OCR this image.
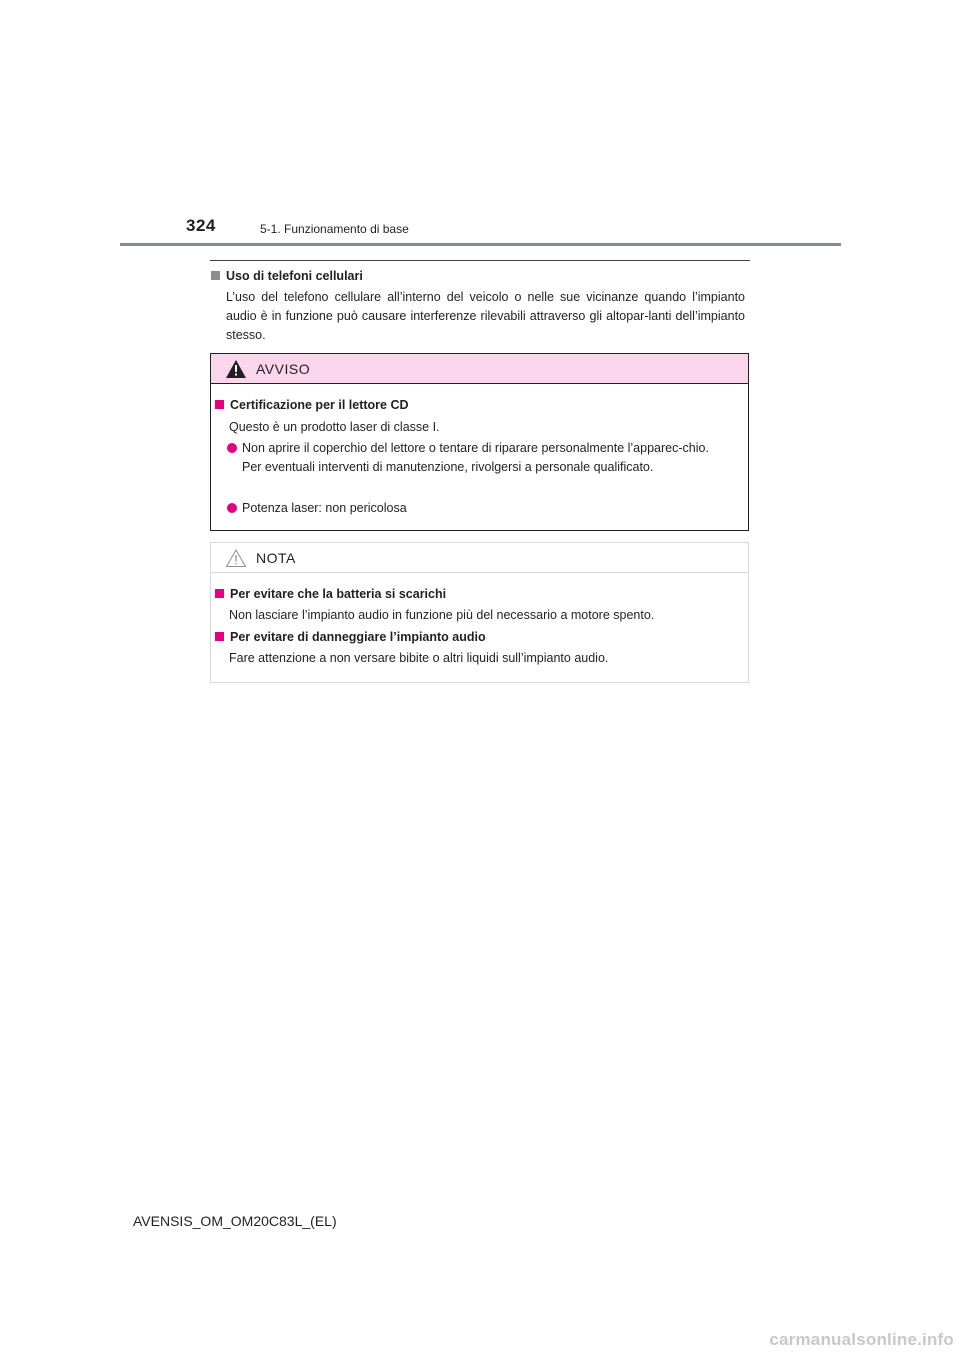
324	5-1. Funzionamento di base
Uso di telefoni cellulari
L’uso del telefono cellulare all’interno del veicolo o nelle sue vicinanze quando l’impianto audio è in funzione può causare interferenze rilevabili attraverso gli altopar-lanti dell’impianto stesso.
AVVISO
Certificazione per il lettore CD
Questo è un prodotto laser di classe I.
Non aprire il coperchio del lettore o tentare di riparare personalmente l’apparec-chio.
Per eventuali interventi di manutenzione, rivolgersi a personale qualificato.
Potenza laser: non pericolosa
NOTA
Per evitare che la batteria si scarichi
Non lasciare l’impianto audio in funzione più del necessario a motore spento.
Per evitare di danneggiare l’impianto audio
Fare attenzione a non versare bibite o altri liquidi sull’impianto audio.
AVENSIS_OM_OM20C83L_(EL)
carmanualsonline.info
